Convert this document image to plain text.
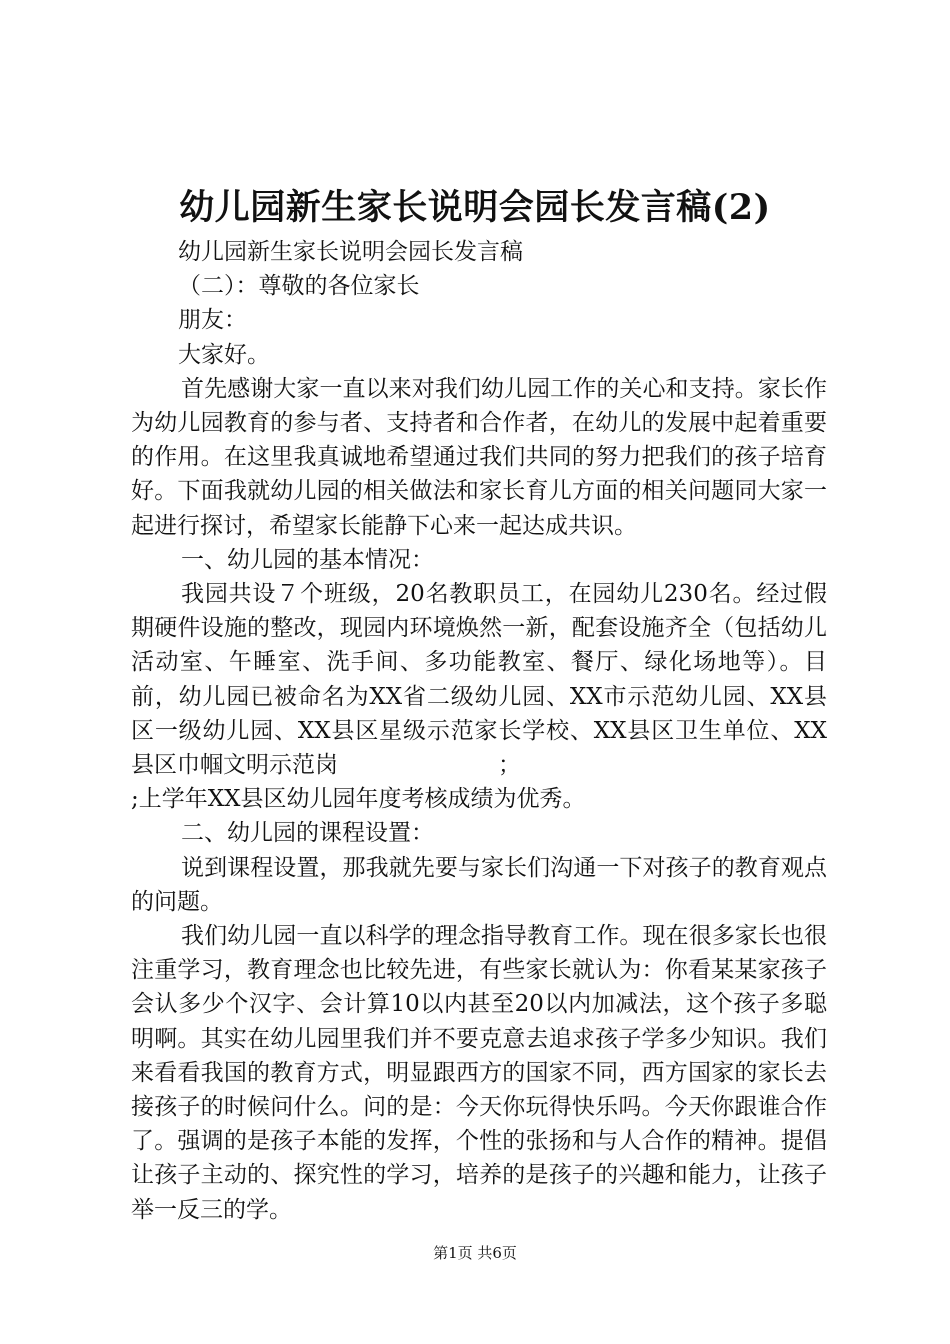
幼儿园新生家长说明会园长发言稿(2)

幼儿园新生家长说明会园长发言稿

（二）：尊敬的各位家长

朋友：

大家好。

首先感谢大家一直以来对我们幼儿园工作的关心和支持。家长作为幼儿园教育的参与者、支持者和合作者，在幼儿的发展中起着重要的作用。在这里我真诚地希望通过我们共同的努力把我们的孩子培育好。下面我就幼儿园的相关做法和家长育儿方面的相关问题同大家一起进行探讨，希望家长能静下心来一起达成共识。

一、幼儿园的基本情况：

我园共设７个班级，20名教职员工，在园幼儿230名。经过假期硬件设施的整改，现园内环境焕然一新，配套设施齐全（包括幼儿活动室、午睡室、洗手间、多功能教室、餐厅、绿化场地等）。目前，幼儿园已被命名为XX省二级幼儿园、XX市示范幼儿园、XX县区一级幼儿园、XX县区星级示范家长学校、XX县区卫生单位、XX县区巾帼文明示范岗	；

;上学年XX县区幼儿园年度考核成绩为优秀。

二、幼儿园的课程设置：

说到课程设置，那我就先要与家长们沟通一下对孩子的教育观点的问题。

我们幼儿园一直以科学的理念指导教育工作。现在很多家长也很注重学习，教育理念也比较先进，有些家长就认为：你看某某家孩子会认多少个汉字、会计算10以内甚至20以内加减法，这个孩子多聪明啊。其实在幼儿园里我们并不要克意去追求孩子学多少知识。我们来看看我国的教育方式，明显跟西方的国家不同，西方国家的家长去接孩子的时候问什么。问的是：今天你玩得快乐吗。今天你跟谁合作了。强调的是孩子本能的发挥，个性的张扬和与人合作的精神。提倡让孩子主动的、探究性的学习，培养的是孩子的兴趣和能力，让孩子举一反三的学。

第1页 共6页
